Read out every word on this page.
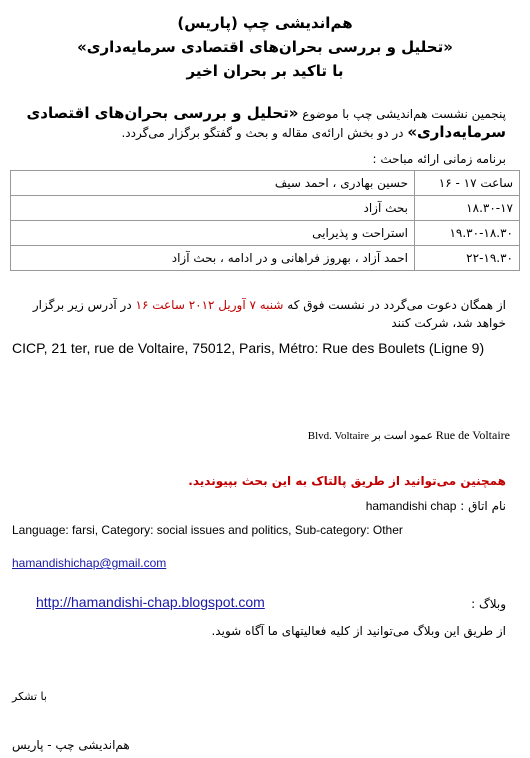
هم‌اندیشی چپ (پاریس)
«تحلیل و بررسی بحران‌های اقتصادی سرمایه‌داری»
با تاکید بر بحران اخیر
پنجمین نشست هم‌اندیشی چپ با موضوع «تحلیل و بررسی بحران‌های اقتصادی سرمایه‌داری» در دو بخش ارائه‌ی مقاله و بحث و گفتگو برگزار می‌گردد.
برنامه زمانی ارائه مباحث :
ساعت ۱۷ - ۱۶	حسین بهادری ، احمد سیف
۱۸.۳۰-۱۷	بحث آزاد
۱۹.۳۰-۱۸.۳۰	استراحت و پذیرایی
۲۲-۱۹.۳۰	احمد آزاد ، بهروز فراهانی و در ادامه ، بحث آزاد
از همگان دعوت می‌گردد در نشست فوق که شنبه ۷ آوریل ۲۰۱۲ ساعت ۱۶ در آدرس زیر برگزار خواهد شد، شرکت کنند
CICP, 21 ter, rue de Voltaire, 75012, Paris, Métro: Rue des Boulets (Ligne 9)
Rue de Voltaire عمود است بر Blvd. Voltaire
همچنین می‌توانید از طریق پالتاک به این بحث بپیوندید.
نام اتاق : hamandishi chap
Language: farsi, Category: social issues and politics, Sub-category: Other
hamandishichap@gmail.com
وبلاگ :
http://hamandishi-chap.blogspot.com
از طریق این وبلاگ می‌توانید از کلیه فعالیتهای ما آگاه شوید.
با تشکر
هم‌اندیشی چپ - پاریس
